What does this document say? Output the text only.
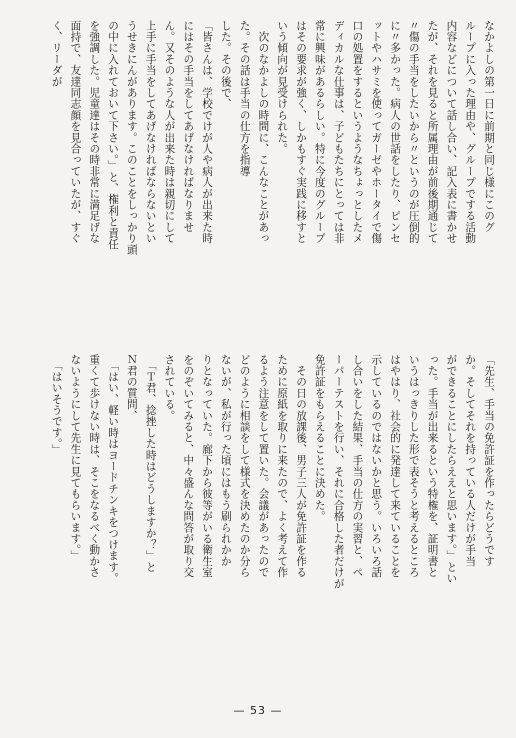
なかよしの第一日に前期と同じ様にこのグ
ループに入った理由や、グループでする活動
内容などについて話し合い、記入表に書かせ
たが、それを見ると所属理由が前後期通じて
〃傷の手当をしたいから〃というのが圧倒的
に〃多かった。病人の世話をしたり、ピンセ
ットやハサミを使ってガーゼやホータイで傷
口の処置をするというようなちょっとしたメ
ディカルな仕事は、子どもたちにとっては非
常に興味があるらしい。特に今度のグループ
はその要求が強く、しかもすぐ実践に移すと
いう傾向が見受けられた。
　次のなかよしの時間に、こんなことがあっ
た。その話は手当の仕方を指導
した。その後で、
「皆さんは、学校でけが人や病人が出来た時
にはその手当をしてあげなければなりませ
ん。又そのような人が出来た時は親切にして
上手に手当をしてあげなければならないとい
うせきにんがあります。このことをしっかり頭
の中に入れておいて下さい。」と、権利と責任
を強調した。児童達はその時非常に満足げな
面持で、友達同志顔を見合っていたが、すぐ
く、リーダが
「先生、手当の免許証を作ったらどうです
か。そしてそれを持っている人だけが手当
ができることにしたらええと思います。」とい
った。手当が出来るという特権を、証明書と
いうはっきりした形で表そうと考えるところ
はやはり、社会的に発達して来ていることを
示しているのではないかと思う。いろいろ話
し合いをした結果、手当の仕方の実習と、ペ
ーパーテストを行い、それに合格した者だけが
免許証をもらえることに決めた。
　その日の放課後、男子三人が免許証を作る
ために原紙を取りに来たので、よく考えて作
るよう注意をして置いた。会議があったので
どのように相談をして様式を決めたのか分ら
ないが、私が行った頃にはもう刷られかか
りとなっていた。廊下から彼等がいる衛生室
をのぞいてみると、中々盛んな問答が取り交
されている。
　「Ｔ君、捻挫した時はどうしますか？」と
Ｎ君の質問、
　「はい、軽い時はヨードチンキをつけます。
重くて歩けない時は、そこをなるべく動かさ
ないようにして先生に見てもらいます。」
　「はいそうです。」
— 53 —
